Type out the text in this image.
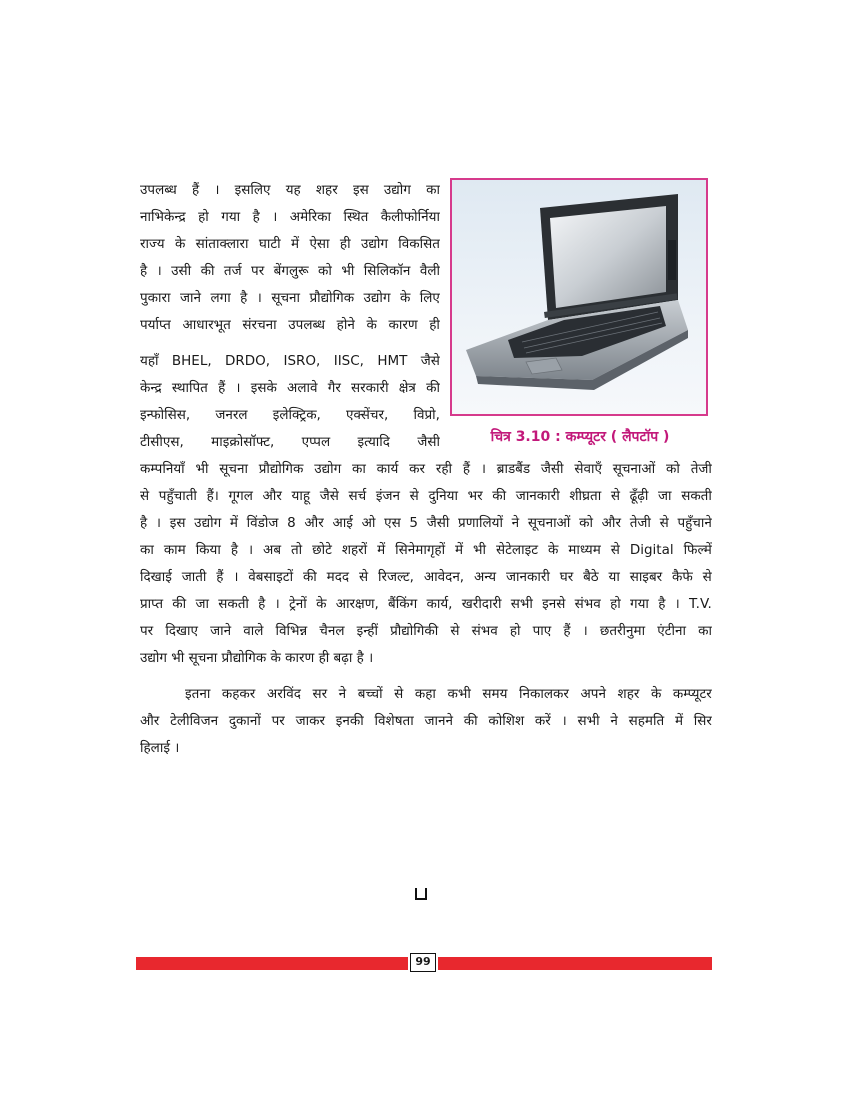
उपलब्ध हैं । इसलिए यह शहर इस उद्योग का
नाभिकेन्द्र हो गया है । अमेरिका स्थित कैलीफोर्निया
राज्य के सांताक्लारा घाटी में ऐसा ही उद्योग विकसित
है । उसी की तर्ज पर बेंगलुरू को भी सिलिकॉन वैली
पुकारा जाने लगा है । सूचना प्रौद्योगिक उद्योग के लिए
पर्याप्त आधारभूत संरचना उपलब्ध होने के कारण ही
यहाँ BHEL, DRDO, ISRO, IISC, HMT जैसे
केन्द्र स्थापित हैं । इसके अलावे गैर सरकारी क्षेत्र की
इन्फोसिस, जनरल इलेक्ट्रिक, एक्सेंचर, विप्रो,
टीसीएस, माइक्रोसॉफ्ट, एप्पल इत्यादि जैसी	चित्र 3.10 : कम्प्यूटर ( लैपटॉप )
कम्पनियाँ भी सूचना प्रौद्योगिक उद्योग का कार्य कर रही हैं । ब्राडबैंड जैसी सेवाएँ सूचनाओं को तेजी
से पहुँचाती हैं। गूगल और याहू जैसे सर्च इंजन से दुनिया भर की जानकारी शीघ्रता से ढूँढ़ी जा सकती
है । इस उद्योग में विंडोज 8 और आई ओ एस 5 जैसी प्रणालियों ने सूचनाओं को और तेजी से पहुँचाने
का काम किया है । अब तो छोटे शहरों में सिनेमागृहों में भी सेटेलाइट के माध्यम से Digital फिल्में
दिखाई जाती हैं । वेबसाइटों की मदद से रिजल्ट, आवेदन, अन्य जानकारी घर बैठे या साइबर कैफे से
प्राप्त की जा सकती है । ट्रेनों के आरक्षण, बैंकिंग कार्य, खरीदारी सभी इनसे संभव हो गया है । T.V.
पर दिखाए जाने वाले विभिन्न चैनल इन्हीं प्रौद्योगिकी से संभव हो पाए हैं । छतरीनुमा एंटीना का
उद्योग भी सूचना प्रौद्योगिक के कारण ही बढ़ा है ।
इतना कहकर अरविंद सर ने बच्चों से कहा कभी समय निकालकर अपने शहर के कम्प्यूटर
और टेलीविजन दुकानों पर जाकर इनकी विशेषता जानने की कोशिश करें । सभी ने सहमति में सिर
हिलाई ।
99
